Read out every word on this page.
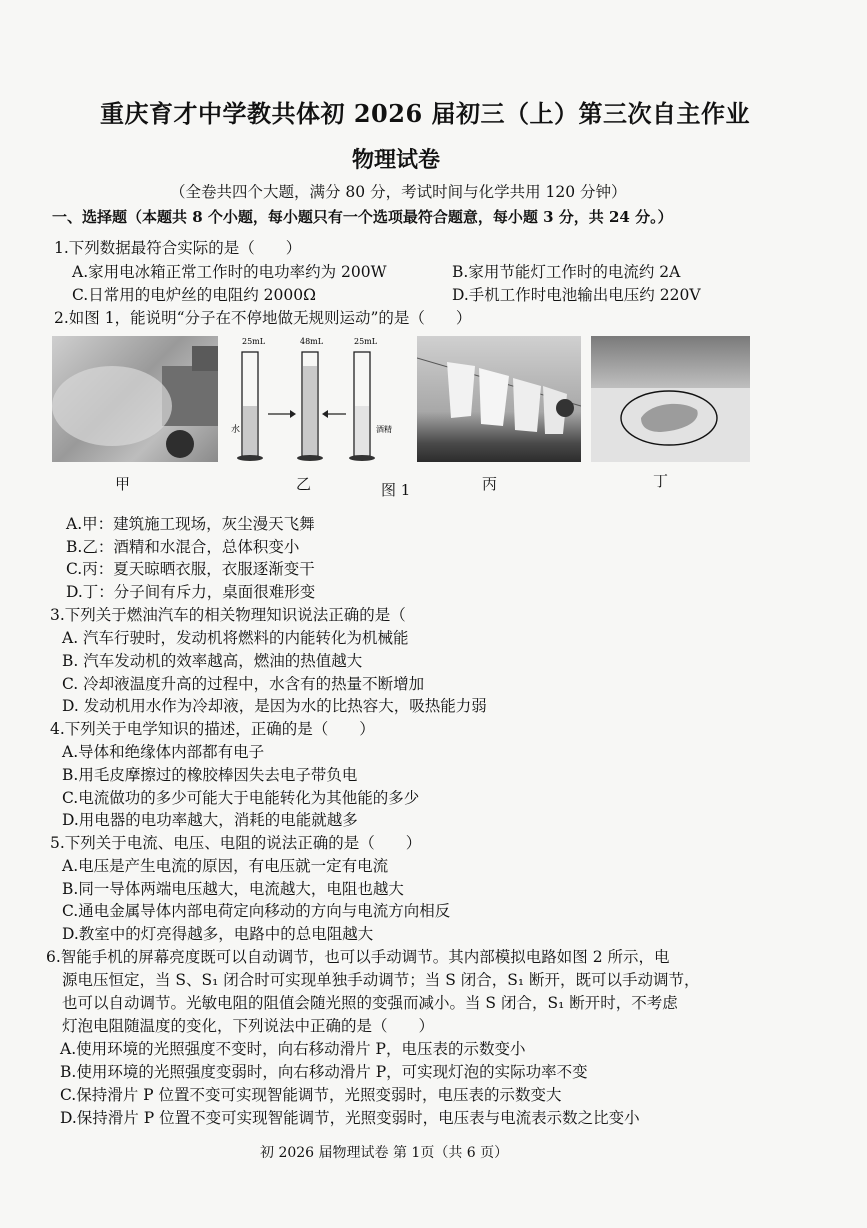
重庆育才中学教共体初 2026 届初三（上）第三次自主作业
物理试卷
（全卷共四个大题，满分 80 分，考试时间与化学共用 120 分钟）
一、选择题（本题共 8 个小题，每小题只有一个选项最符合题意，每小题 3 分，共 24 分。）
1.下列数据最符合实际的是（　　）
A.家用电冰箱正常工作时的电功率约为 200W	B.家用节能灯工作时的电流约 2A
C.日常用的电炉丝的电阻约 2000Ω	D.手机工作时电池输出电压约 220V
2.如图 1，能说明“分子在不停地做无规则运动”的是（　　）
25mL	48mL	25mL
水	酒精
甲	乙	图 1	丙	丁
A.甲：建筑施工现场，灰尘漫天飞舞
B.乙：酒精和水混合，总体积变小
C.丙：夏天晾晒衣服，衣服逐渐变干
D.丁：分子间有斥力，桌面很难形变
3.下列关于燃油汽车的相关物理知识说法正确的是（
A. 汽车行驶时，发动机将燃料的内能转化为机械能
B. 汽车发动机的效率越高，燃油的热值越大
C. 冷却液温度升高的过程中，水含有的热量不断增加
D. 发动机用水作为冷却液，是因为水的比热容大，吸热能力弱
4.下列关于电学知识的描述，正确的是（　　）
A.导体和绝缘体内部都有电子
B.用毛皮摩擦过的橡胶棒因失去电子带负电
C.电流做功的多少可能大于电能转化为其他能的多少
D.用电器的电功率越大，消耗的电能就越多
5.下列关于电流、电压、电阻的说法正确的是（　　）
A.电压是产生电流的原因，有电压就一定有电流
B.同一导体两端电压越大，电流越大，电阻也越大
C.通电金属导体内部电荷定向移动的方向与电流方向相反
D.教室中的灯亮得越多，电路中的总电阻越大
6.智能手机的屏幕亮度既可以自动调节，也可以手动调节。其内部模拟电路如图 2 所示，电
源电压恒定，当 S、S₁ 闭合时可实现单独手动调节；当 S 闭合，S₁ 断开，既可以手动调节，
也可以自动调节。光敏电阻的阻值会随光照的变强而减小。当 S 闭合，S₁ 断开时，不考虑
灯泡电阻随温度的变化，下列说法中正确的是（　　）
A.使用环境的光照强度不变时，向右移动滑片 P，电压表的示数变小
B.使用环境的光照强度变弱时，向右移动滑片 P，可实现灯泡的实际功率不变
C.保持滑片 P 位置不变可实现智能调节，光照变弱时，电压表的示数变大
D.保持滑片 P 位置不变可实现智能调节，光照变弱时，电压表与电流表示数之比变小
初 2026 届物理试卷 第 1页（共 6 页）
